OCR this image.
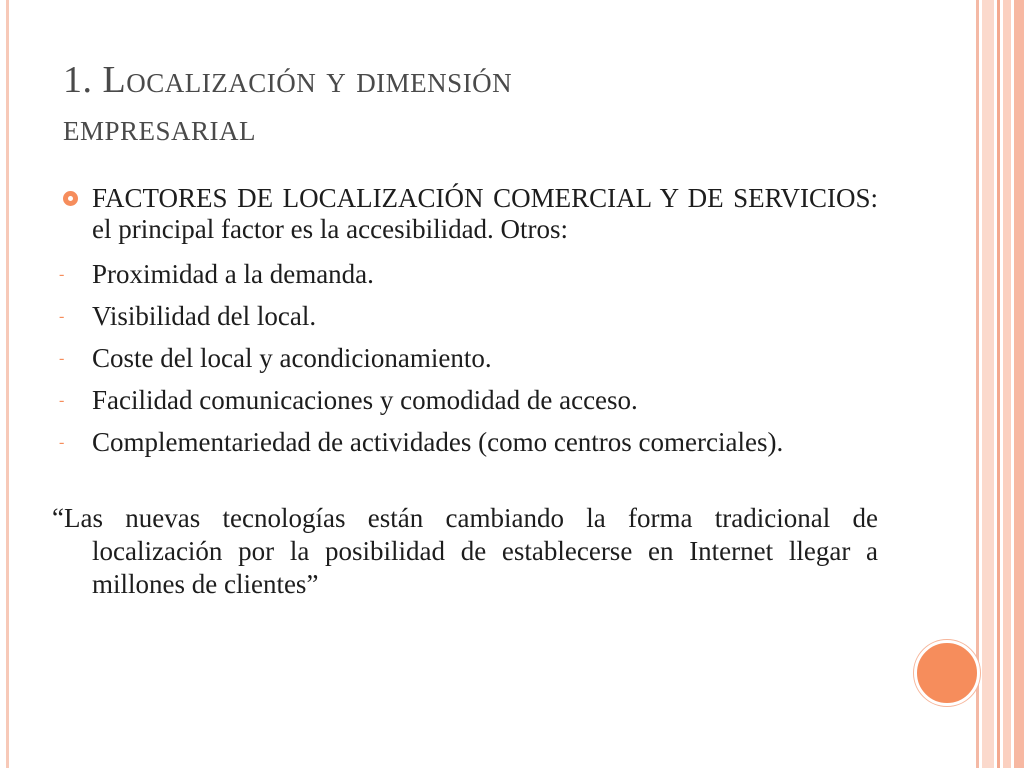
1. Localización y dimensión
empresarial
FACTORES DE LOCALIZACIÓN COMERCIAL Y DE SERVICIOS: el principal factor es la accesibilidad. Otros:
- Proximidad a la demanda.
- Visibilidad del local.
- Coste del local y acondicionamiento.
- Facilidad comunicaciones y comodidad de acceso.
- Complementariedad de actividades (como centros comerciales).
“Las nuevas tecnologías están cambiando la forma tradicional de localización por la posibilidad de establecerse en Internet llegar a millones de clientes”
